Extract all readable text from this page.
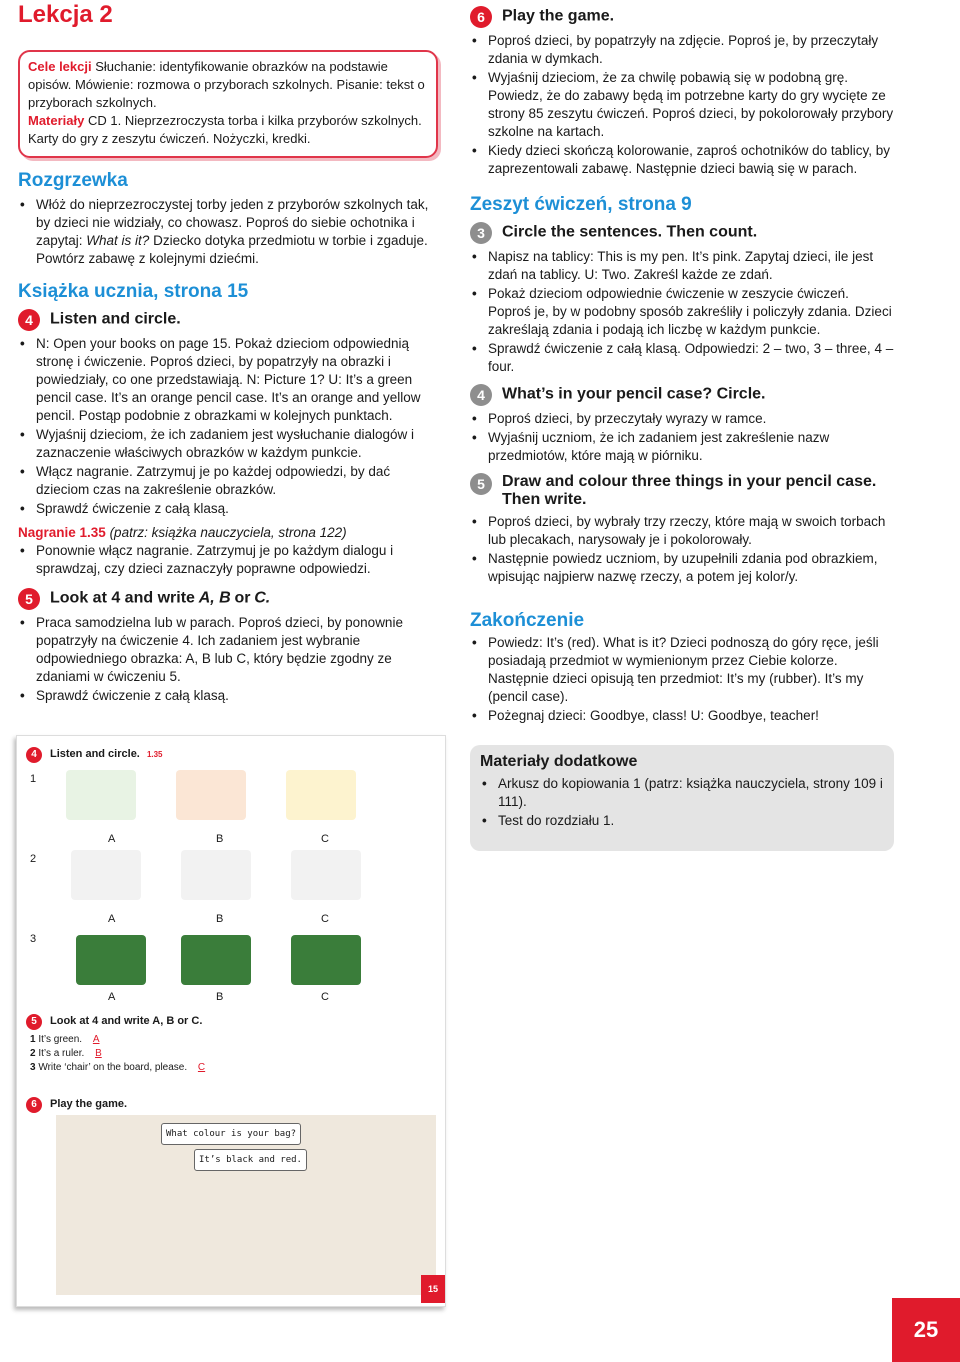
Lekcja 2
Cele lekcji Słuchanie: identyfikowanie obrazków na podstawie opisów. Mówienie: rozmowa o przyborach szkolnych. Pisanie: tekst o przyborach szkolnych.
Materiały CD 1. Nieprzezroczysta torba i kilka przyborów szkolnych. Karty do gry z zeszytu ćwiczeń. Nożyczki, kredki.
Rozgrzewka
• Włóż do nieprzezroczystej torby jeden z przyborów szkolnych tak, by dzieci nie widziały, co chowasz. Poproś do siebie ochotnika i zapytaj: What is it? Dziecko dotyka przedmiotu w torbie i zgaduje. Powtórz zabawę z kolejnymi dziećmi.
Książka ucznia, strona 15
4 Listen and circle.
• N: Open your books on page 15. Pokaż dzieciom odpowiednią stronę i ćwiczenie. Poproś dzieci, by popatrzyły na obrazki i powiedziały, co one przedstawiają. N: Picture 1? U: It’s a green pencil case. It’s an orange pencil case. It’s an orange and yellow pencil. Postąp podobnie z obrazkami w kolejnych punktach.
• Wyjaśnij dzieciom, że ich zadaniem jest wysłuchanie dialogów i zaznaczenie właściwych obrazków w każdym punkcie.
• Włącz nagranie. Zatrzymuj je po każdej odpowiedzi, by dać dzieciom czas na zakreślenie obrazków.
• Sprawdź ćwiczenie z całą klasą.
Nagranie 1.35 (patrz: książka nauczyciela, strona 122)
• Ponownie włącz nagranie. Zatrzymuj je po każdym dialogu i sprawdzaj, czy dzieci zaznaczyły poprawne odpowiedzi.
5 Look at 4 and write A, B or C.
• Praca samodzielna lub w parach. Poproś dzieci, by ponownie popatrzyły na ćwiczenie 4. Ich zadaniem jest wybranie odpowiedniego obrazka: A, B lub C, który będzie zgodny ze zdaniami w ćwiczeniu 5.
• Sprawdź ćwiczenie z całą klasą.
6 Play the game.
• Poproś dzieci, by popatrzyły na zdjęcie. Poproś je, by przeczytały zdania w dymkach.
• Wyjaśnij dzieciom, że za chwilę pobawią się w podobną grę. Powiedz, że do zabawy będą im potrzebne karty do gry wycięte ze strony 85 zeszytu ćwiczeń. Poproś dzieci, by pokolorowały przybory szkolne na kartach.
• Kiedy dzieci skończą kolorowanie, zaproś ochotników do tablicy, by zaprezentowali zabawę. Następnie dzieci bawią się w parach.
Zeszyt ćwiczeń, strona 9
3 Circle the sentences. Then count.
• Napisz na tablicy: This is my pen. It’s pink. Zapytaj dzieci, ile jest zdań na tablicy. U: Two. Zakreśl każde ze zdań.
• Pokaż dzieciom odpowiednie ćwiczenie w zeszycie ćwiczeń. Poproś je, by w podobny sposób zakreśliły i policzyły zdania. Dzieci zakreślają zdania i podają ich liczbę w każdym punkcie.
• Sprawdź ćwiczenie z całą klasą. Odpowiedzi: 2 – two, 3 – three, 4 – four.
4 What’s in your pencil case? Circle.
• Poproś dzieci, by przeczytały wyrazy w ramce.
• Wyjaśnij uczniom, że ich zadaniem jest zakreślenie nazw przedmiotów, które mają w piórniku.
5	Draw and colour three things in your pencil case. Then write.
• Poproś dzieci, by wybrały trzy rzeczy, które mają w swoich torbach lub plecakach, narysowały je i pokolorowały.
• Następnie powiedz uczniom, by uzupełnili zdania pod obrazkiem, wpisując najpierw nazwę rzeczy, a potem jej kolor/y.
Zakończenie
• Powiedz: It’s (red). What is it? Dzieci podnoszą do góry ręce, jeśli posiadają przedmiot w wymienionym przez Ciebie kolorze. Następnie dzieci opisują ten przedmiot: It’s my (rubber). It’s my (pencil case).
• Pożegnaj dzieci: Goodbye, class! U: Goodbye, teacher!
Materiały dodatkowe
• Arkusz do kopiowania 1 (patrz: książka nauczyciela, strony 109 i 111).
• Test do rozdziału 1.
4 Listen and circle. 1.35
1
2
3
A	B	C
A	B	C
A	B	C
5 Look at 4 and write A, B or C.
1 It’s green. A
2 It’s a ruler. B
3 Write ‘chair’ on the board, please. C
6 Play the game.
What colour is your bag?
It’s black and red.
15
25
